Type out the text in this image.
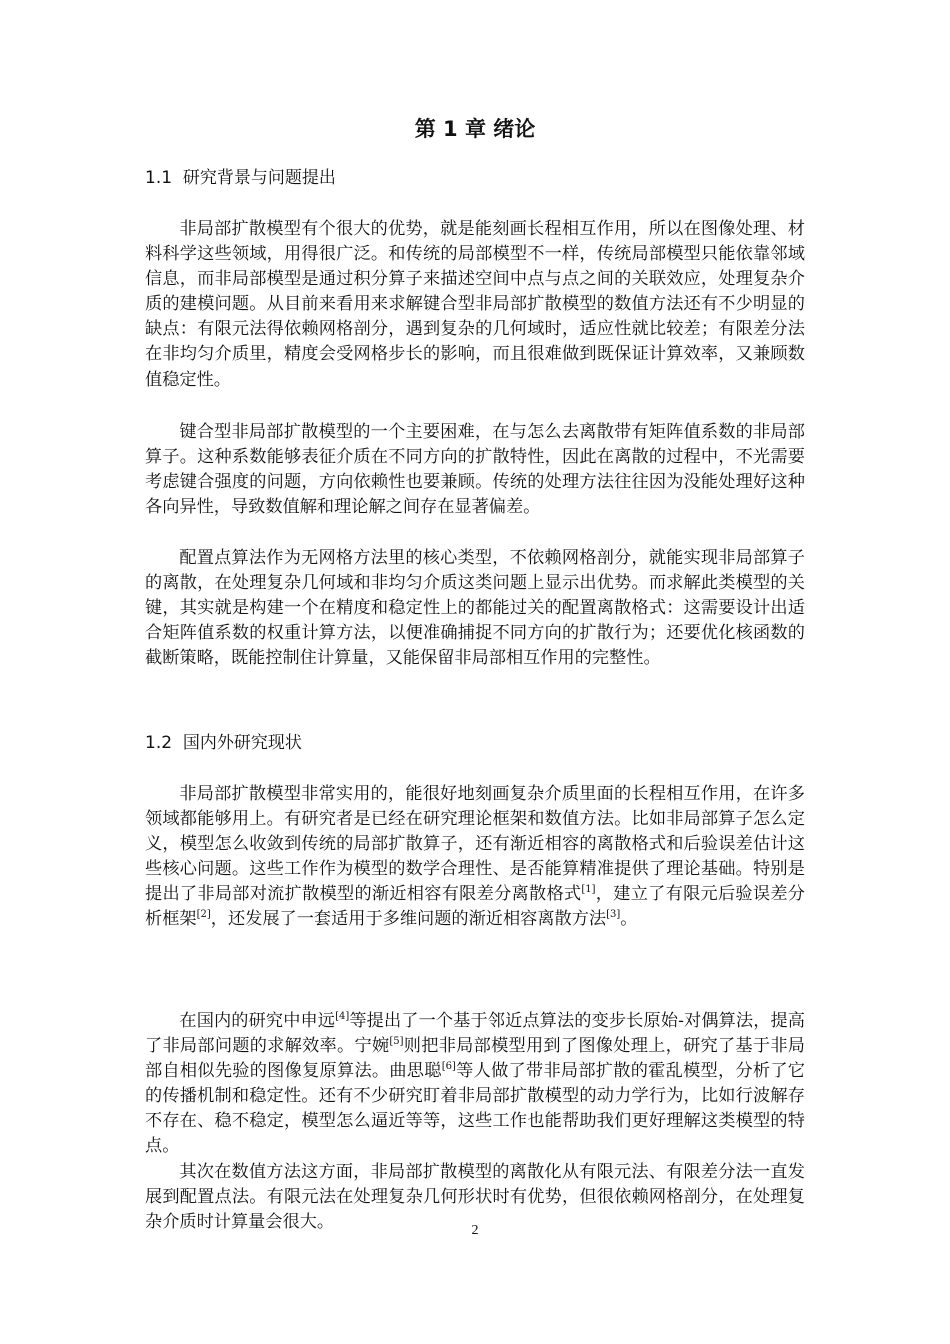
第 1 章 绪论
1.1  研究背景与问题提出

非局部扩散模型有个很大的优势，就是能刻画长程相互作用，所以在图像处理、材料科学这些领域，用得很广泛。和传统的局部模型不一样，传统局部模型只能依靠邻域信息，而非局部模型是通过积分算子来描述空间中点与点之间的关联效应，处理复杂介质的建模问题。从目前来看用来求解键合型非局部扩散模型的数值方法还有不少明显的缺点：有限元法得依赖网格剖分，遇到复杂的几何域时，适应性就比较差；有限差分法在非均匀介质里，精度会受网格步长的影响，而且很难做到既保证计算效率，又兼顾数值稳定性。

键合型非局部扩散模型的一个主要困难，在与怎么去离散带有矩阵值系数的非局部算子。这种系数能够表征介质在不同方向的扩散特性，因此在离散的过程中，不光需要考虑键合强度的问题，方向依赖性也要兼顾。传统的处理方法往往因为没能处理好这种各向异性，导致数值解和理论解之间存在显著偏差。

配置点算法作为无网格方法里的核心类型，不依赖网格剖分，就能实现非局部算子的离散，在处理复杂几何域和非均匀介质这类问题上显示出优势。而求解此类模型的关键，其实就是构建一个在精度和稳定性上的都能过关的配置离散格式：这需要设计出适合矩阵值系数的权重计算方法，以便准确捕捉不同方向的扩散行为；还要优化核函数的截断策略，既能控制住计算量，又能保留非局部相互作用的完整性。

1.2  国内外研究现状

非局部扩散模型非常实用的，能很好地刻画复杂介质里面的长程相互作用，在许多领域都能够用上。有研究者是已经在研究理论框架和数值方法。比如非局部算子怎么定义，模型怎么收敛到传统的局部扩散算子，还有渐近相容的离散格式和后验误差估计这些核心问题。这些工作作为模型的数学合理性、是否能算精准提供了理论基础。特别是提出了非局部对流扩散模型的渐近相容有限差分离散格式[1]，建立了有限元后验误差分析框架[2]，还发展了一套适用于多维问题的渐近相容离散方法[3]。

在国内的研究中申远[4]等提出了一个基于邻近点算法的变步长原始-对偶算法，提高了非局部问题的求解效率。宁婉[5]则把非局部模型用到了图像处理上，研究了基于非局部自相似先验的图像复原算法。曲思聪[6]等人做了带非局部扩散的霍乱模型，分析了它的传播机制和稳定性。还有不少研究盯着非局部扩散模型的动力学行为，比如行波解存不存在、稳不稳定，模型怎么逼近等等，这些工作也能帮助我们更好理解这类模型的特点。

其次在数值方法这方面，非局部扩散模型的离散化从有限元法、有限差分法一直发展到配置点法。有限元法在处理复杂几何形状时有优势，但很依赖网格剖分，在处理复杂介质时计算量会很大。	2
